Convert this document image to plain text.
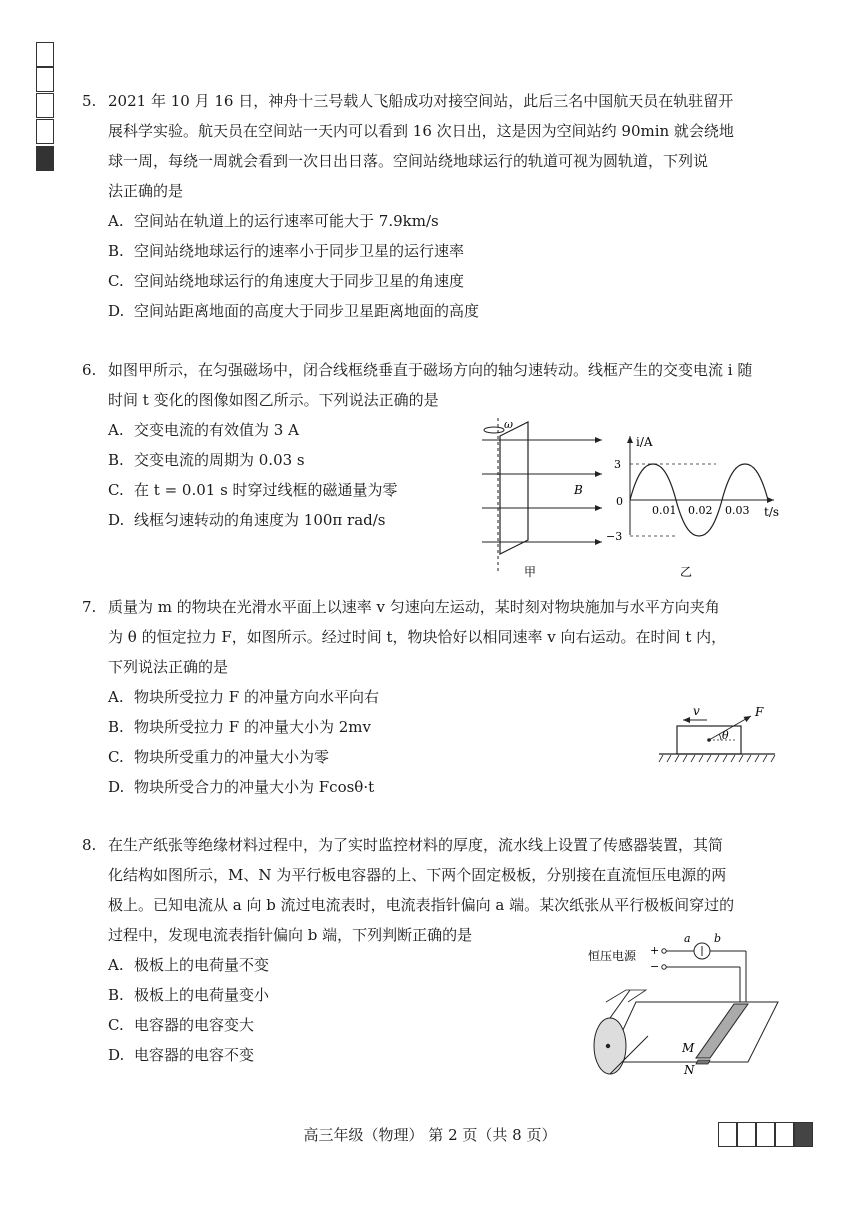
5. 2021 年 10 月 16 日，神舟十三号载人飞船成功对接空间站，此后三名中国航天员在轨驻留开

展科学实验。航天员在空间站一天内可以看到 16 次日出，这是因为空间站约 90min 就会绕地

球一周，每绕一周就会看到一次日出日落。空间站绕地球运行的轨道可视为圆轨道，下列说

法正确的是

A. 空间站在轨道上的运行速率可能大于 7.9km/s

B. 空间站绕地球运行的速率小于同步卫星的运行速率

C. 空间站绕地球运行的角速度大于同步卫星的角速度

D. 空间站距离地面的高度大于同步卫星距离地面的高度

6. 如图甲所示，在匀强磁场中，闭合线框绕垂直于磁场方向的轴匀速转动。线框产生的交变电流 i 随

时间 t 变化的图像如图乙所示。下列说法正确的是

A. 交变电流的有效值为 3 A

B. 交变电流的周期为 0.03 s

C. 在 t = 0.01 s 时穿过线框的磁通量为零

D. 线框匀速转动的角速度为 100π rad/s

ω
B
甲
i/A
t/s
3
0
−3
0.01 0.02 0.03
乙

7. 质量为 m 的物块在光滑水平面上以速率 v 匀速向左运动，某时刻对物块施加与水平方向夹角

为 θ 的恒定拉力 F，如图所示。经过时间 t，物块恰好以相同速率 v 向右运动。在时间 t 内，

下列说法正确的是

A. 物块所受拉力 F 的冲量方向水平向右

B. 物块所受拉力 F 的冲量大小为 2mv

C. 物块所受重力的冲量大小为零

D. 物块所受合力的冲量大小为 Fcosθ·t

v
θ
F

8. 在生产纸张等绝缘材料过程中，为了实时监控材料的厚度，流水线上设置了传感器装置，其简

化结构如图所示，M、N 为平行板电容器的上、下两个固定极板，分别接在直流恒压电源的两

极上。已知电流从 a 向 b 流过电流表时，电流表指针偏向 a 端。某次纸张从平行极板间穿过的

过程中，发现电流表指针偏向 b 端，下列判断正确的是

A. 极板上的电荷量不变

B. 极板上的电荷量变小

C. 电容器的电容变大

D. 电容器的电容不变

恒压电源 +
−
a b
M
N
高三年级（物理） 第 2 页（共 8 页）
